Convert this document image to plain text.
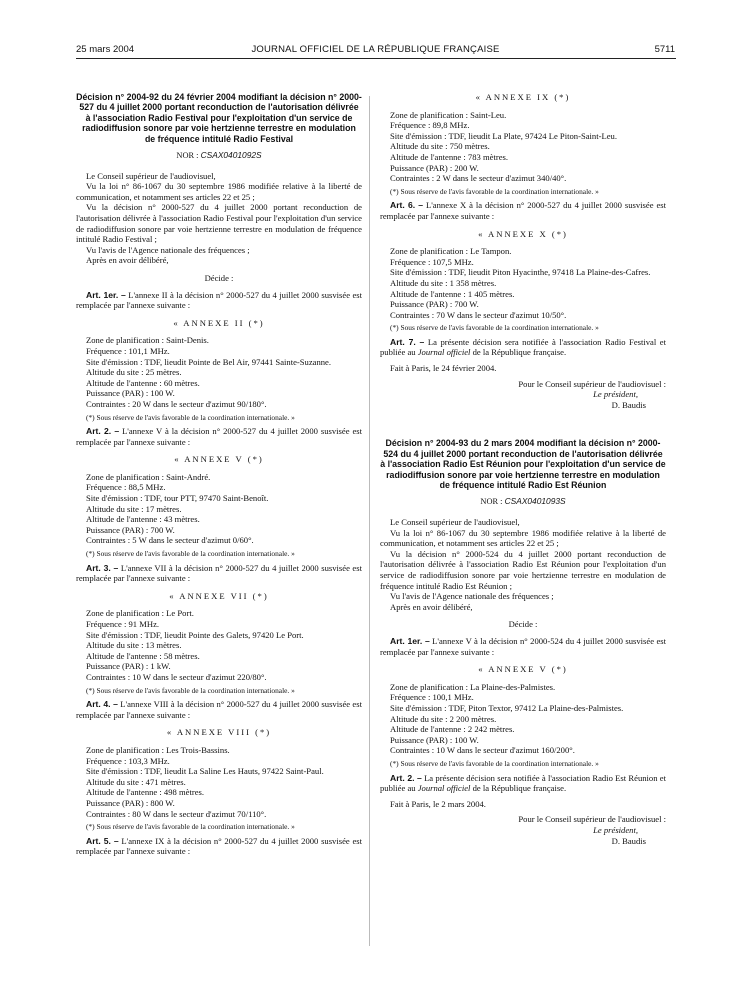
25 mars 2004	JOURNAL OFFICIEL DE LA RÉPUBLIQUE FRANÇAISE	5711
Décision n° 2004-92 du 24 février 2004 modifiant la décision n° 2000-527 du 4 juillet 2000 portant reconduction de l'autorisation délivrée à l'association Radio Festival pour l'exploitation d'un service de radiodiffusion sonore par voie hertzienne terrestre en modulation de fréquence intitulé Radio Festival
NOR : CSAX0401092S

Le Conseil supérieur de l'audiovisuel,

Vu la loi n° 86-1067 du 30 septembre 1986 modifiée relative à la liberté de communication, et notamment ses articles 22 et 25 ;

Vu la décision n° 2000-527 du 4 juillet 2000 portant reconduction de l'autorisation délivrée à l'association Radio Festival pour l'exploitation d'un service de radiodiffusion sonore par voie hertzienne terrestre en modulation de fréquence intitulé Radio Festival ;

Vu l'avis de l'Agence nationale des fréquences ;

Après en avoir délibéré,

Décide :

Art. 1er. – L'annexe II à la décision n° 2000-527 du 4 juillet 2000 susvisée est remplacée par l'annexe suivante :

« ANNEXE II (*)

Zone de planification : Saint-Denis.

Fréquence : 101,1 MHz.

Site d'émission : TDF, lieudit Pointe de Bel Air, 97441 Sainte-Suzanne.

Altitude du site : 25 mètres.

Altitude de l'antenne : 60 mètres.

Puissance (PAR) : 100 W.

Contraintes : 20 W dans le secteur d'azimut 90/180°.

(*) Sous réserve de l'avis favorable de la coordination internationale. »

Art. 2. – L'annexe V à la décision n° 2000-527 du 4 juillet 2000 susvisée est remplacée par l'annexe suivante :

« ANNEXE V (*)

Zone de planification : Saint-André.

Fréquence : 88,5 MHz.

Site d'émission : TDF, tour PTT, 97470 Saint-Benoît.

Altitude du site : 17 mètres.

Altitude de l'antenne : 43 mètres.

Puissance (PAR) : 700 W.

Contraintes : 5 W dans le secteur d'azimut 0/60°.

(*) Sous réserve de l'avis favorable de la coordination internationale. »

Art. 3. – L'annexe VII à la décision n° 2000-527 du 4 juillet 2000 susvisée est remplacée par l'annexe suivante :

« ANNEXE VII (*)

Zone de planification : Le Port.

Fréquence : 91 MHz.

Site d'émission : TDF, lieudit Pointe des Galets, 97420 Le Port.

Altitude du site : 13 mètres.

Altitude de l'antenne : 58 mètres.

Puissance (PAR) : 1 kW.

Contraintes : 10 W dans le secteur d'azimut 220/80°.

(*) Sous réserve de l'avis favorable de la coordination internationale. »

Art. 4. – L'annexe VIII à la décision n° 2000-527 du 4 juillet 2000 susvisée est remplacée par l'annexe suivante :

« ANNEXE VIII (*)

Zone de planification : Les Trois-Bassins.

Fréquence : 103,3 MHz.

Site d'émission : TDF, lieudit La Saline Les Hauts, 97422 Saint-Paul.

Altitude du site : 471 mètres.

Altitude de l'antenne : 498 mètres.

Puissance (PAR) : 800 W.

Contraintes : 80 W dans le secteur d'azimut 70/110°.

(*) Sous réserve de l'avis favorable de la coordination internationale. »

Art. 5. – L'annexe IX à la décision n° 2000-527 du 4 juillet 2000 susvisée est remplacée par l'annexe suivante :

« ANNEXE IX (*)

Zone de planification : Saint-Leu.

Fréquence : 89,8 MHz.

Site d'émission : TDF, lieudit La Plate, 97424 Le Piton-Saint-Leu.

Altitude du site : 750 mètres.

Altitude de l'antenne : 783 mètres.

Puissance (PAR) : 200 W.

Contraintes : 2 W dans le secteur d'azimut 340/40°.

(*) Sous réserve de l'avis favorable de la coordination internationale. »

Art. 6. – L'annexe X à la décision n° 2000-527 du 4 juillet 2000 susvisée est remplacée par l'annexe suivante :

« ANNEXE X (*)

Zone de planification : Le Tampon.

Fréquence : 107,5 MHz.

Site d'émission : TDF, lieudit Piton Hyacinthe, 97418 La Plaine-des-Cafres.

Altitude du site : 1 358 mètres.

Altitude de l'antenne : 1 405 mètres.

Puissance (PAR) : 700 W.

Contraintes : 70 W dans le secteur d'azimut 10/50°.

(*) Sous réserve de l'avis favorable de la coordination internationale. »

Art. 7. – La présente décision sera notifiée à l'association Radio Festival et publiée au Journal officiel de la République française.

Fait à Paris, le 24 février 2004.

Pour le Conseil supérieur de l'audiovisuel :

Le président,

D. Baudis

Décision n° 2004-93 du 2 mars 2004 modifiant la décision n° 2000-524 du 4 juillet 2000 portant reconduction de l'autorisation délivrée à l'association Radio Est Réunion pour l'exploitation d'un service de radiodiffusion sonore par voie hertzienne terrestre en modulation de fréquence intitulé Radio Est Réunion
NOR : CSAX0401093S

Le Conseil supérieur de l'audiovisuel,

Vu la loi n° 86-1067 du 30 septembre 1986 modifiée relative à la liberté de communication, et notamment ses articles 22 et 25 ;

Vu la décision n° 2000-524 du 4 juillet 2000 portant reconduction de l'autorisation délivrée à l'association Radio Est Réunion pour l'exploitation d'un service de radiodiffusion sonore par voie hertzienne terrestre en modulation de fréquence intitulé Radio Est Réunion ;

Vu l'avis de l'Agence nationale des fréquences ;

Après en avoir délibéré,

Décide :

Art. 1er. – L'annexe V à la décision n° 2000-524 du 4 juillet 2000 susvisée est remplacée par l'annexe suivante :

« ANNEXE V (*)

Zone de planification : La Plaine-des-Palmistes.

Fréquence : 100,1 MHz.

Site d'émission : TDF, Piton Textor, 97412 La Plaine-des-Palmistes.

Altitude du site : 2 200 mètres.

Altitude de l'antenne : 2 242 mètres.

Puissance (PAR) : 100 W.

Contraintes : 10 W dans le secteur d'azimut 160/200°.

(*) Sous réserve de l'avis favorable de la coordination internationale. »

Art. 2. – La présente décision sera notifiée à l'association Radio Est Réunion et publiée au Journal officiel de la République française.

Fait à Paris, le 2 mars 2004.

Pour le Conseil supérieur de l'audiovisuel :

Le président,

D. Baudis
